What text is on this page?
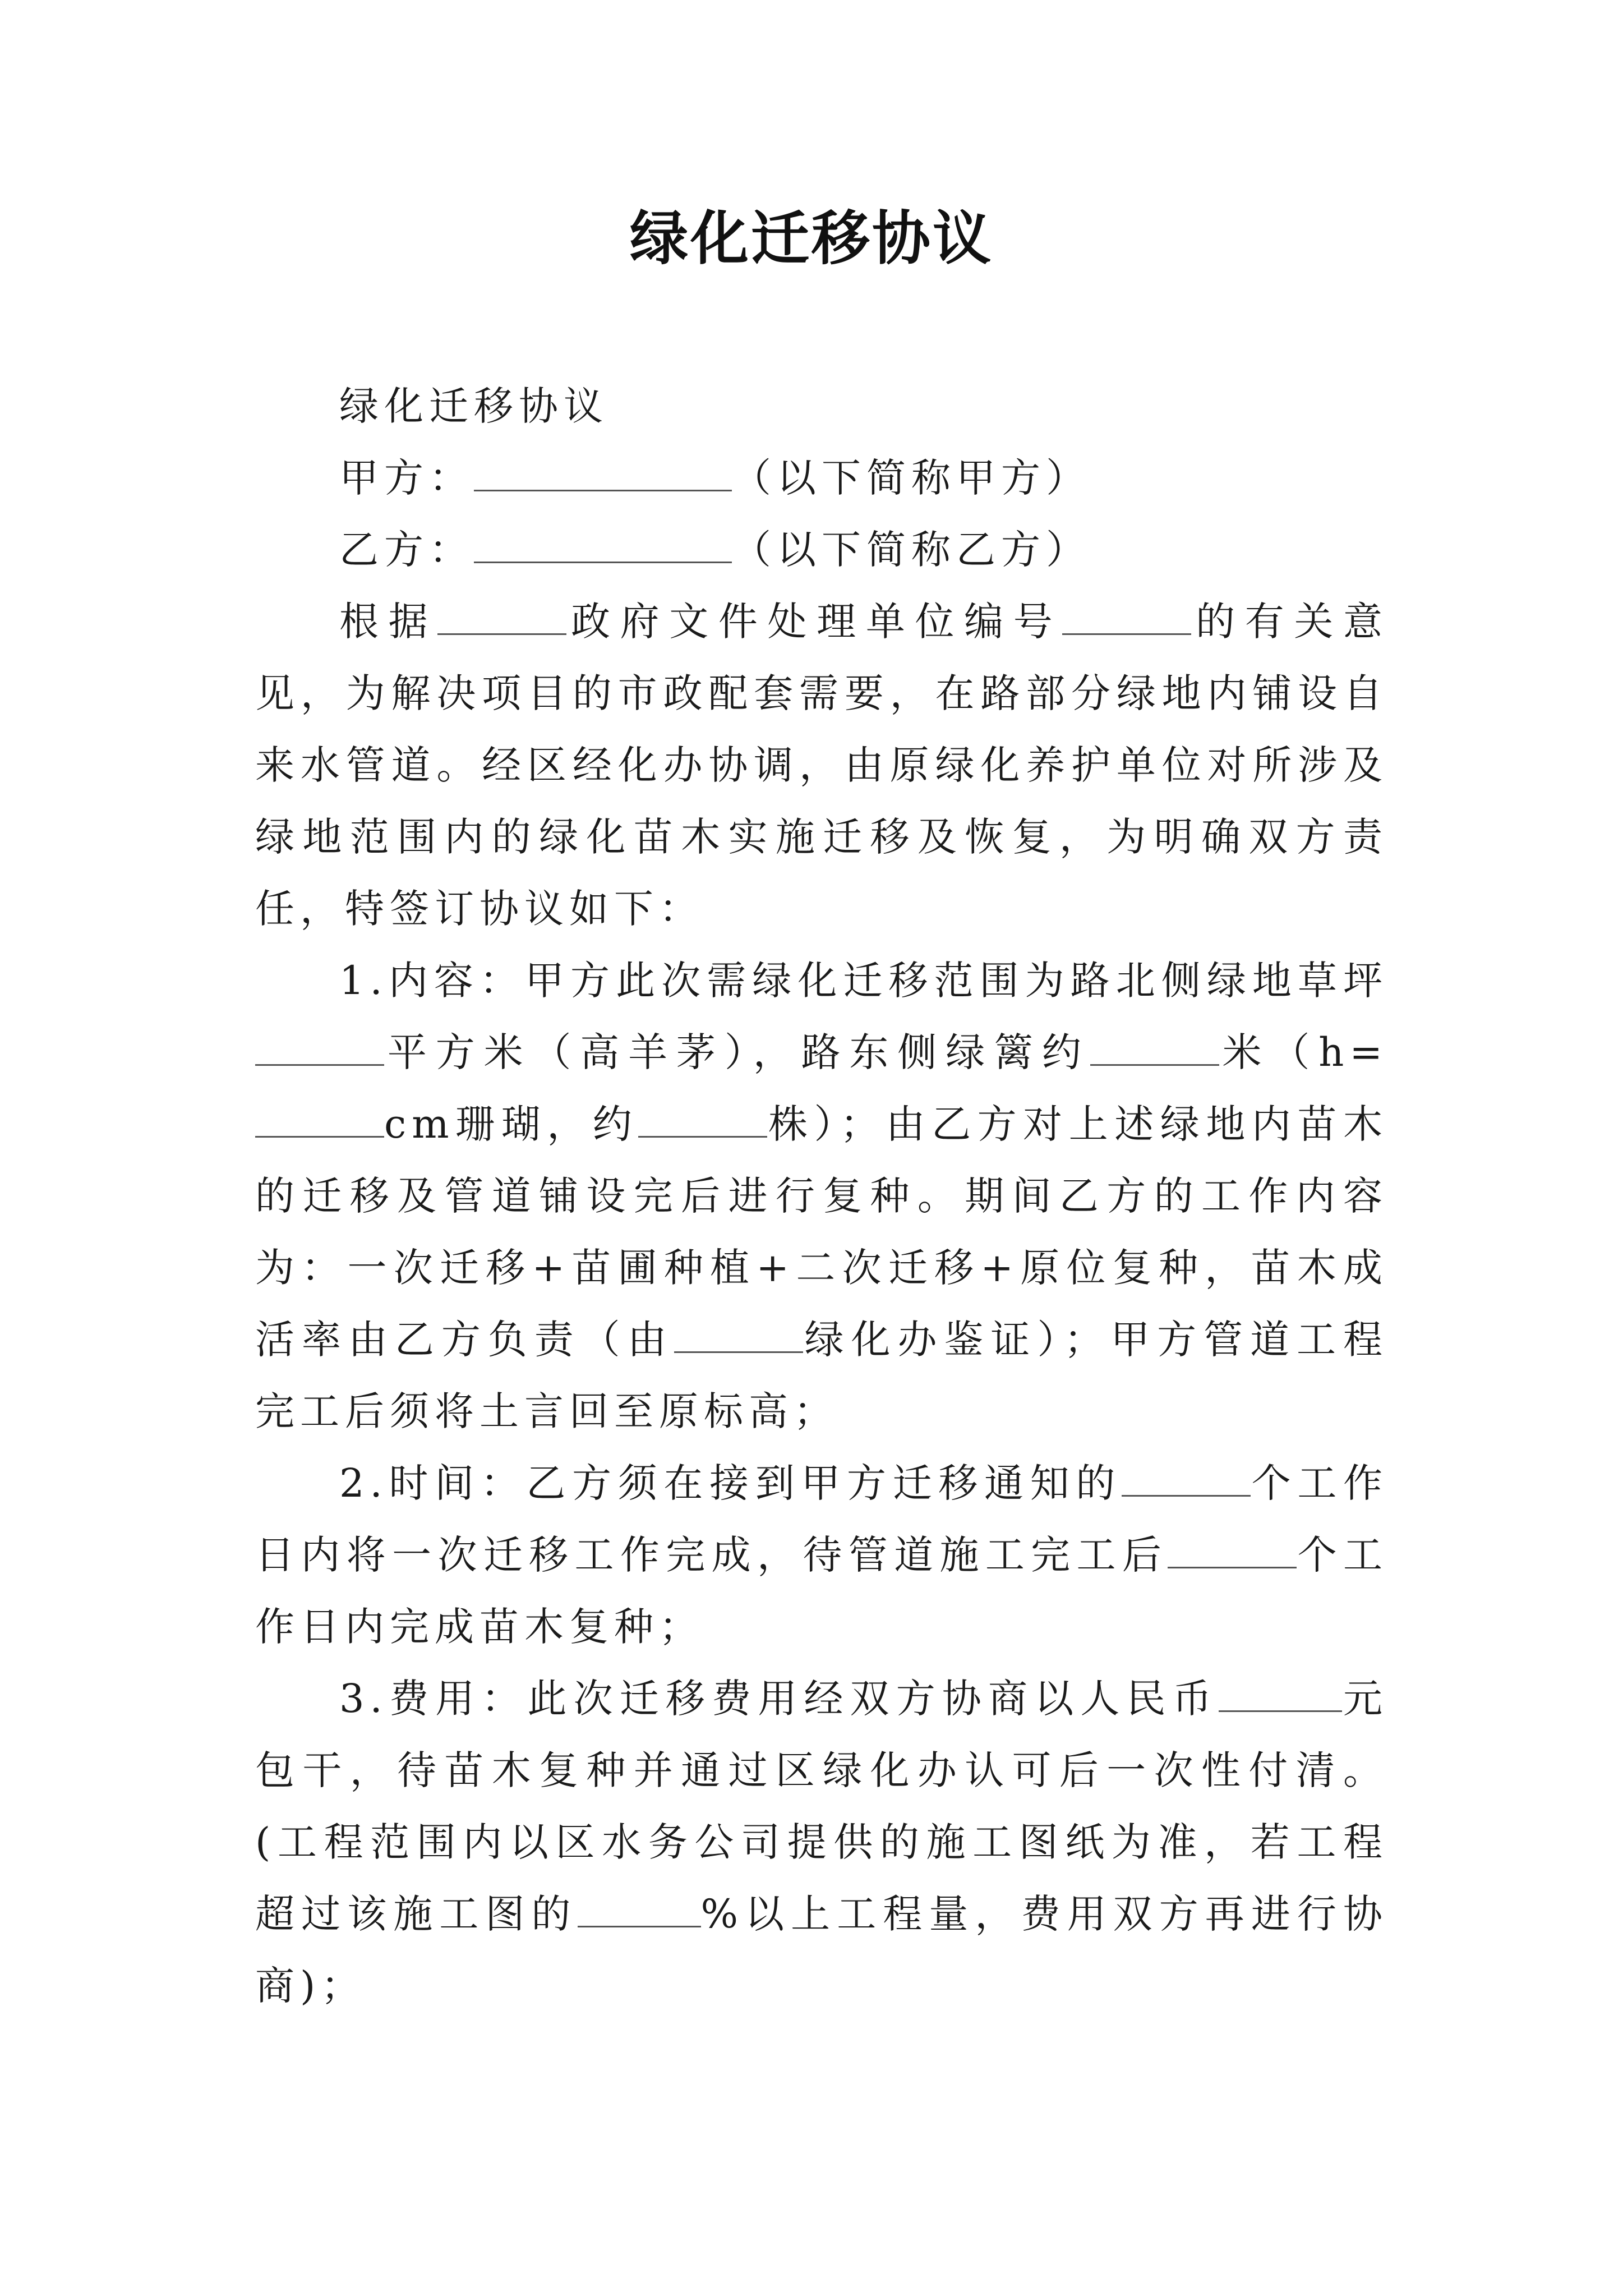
绿化迁移协议

绿化迁移协议

甲方：	（以下简称甲方）

乙方：	（以下简称乙方）

根据	政府文件处理单位编号	的有关意见，为解决项目的市政配套需要，在路部分绿地内铺设自来水管道。经区经化办协调，由原绿化养护单位对所涉及绿地范围内的绿化苗木实施迁移及恢复，为明确双方责任，特签订协议如下：

1.内容：甲方此次需绿化迁移范围为路北侧绿地草坪平方米（高羊茅），路东侧绿篱约	米（h=cm珊瑚，约	株）；由乙方对上述绿地内苗木的迁移及管道铺设完后进行复种。期间乙方的工作内容为：一次迁移+苗圃种植+二次迁移+原位复种，苗木成活率由乙方负责（由	绿化办鉴证）；甲方管道工程完工后须将土言回至原标高；

2.时间：乙方须在接到甲方迁移通知的	个工作日内将一次迁移工作完成，待管道施工完工后	个工作日内完成苗木复种；

3.费用：此次迁移费用经双方协商以人民币	元包干，待苗木复种并通过区绿化办认可后一次性付清。(工程范围内以区水务公司提供的施工图纸为准，若工程超过该施工图的	%以上工程量，费用双方再进行协商)；
